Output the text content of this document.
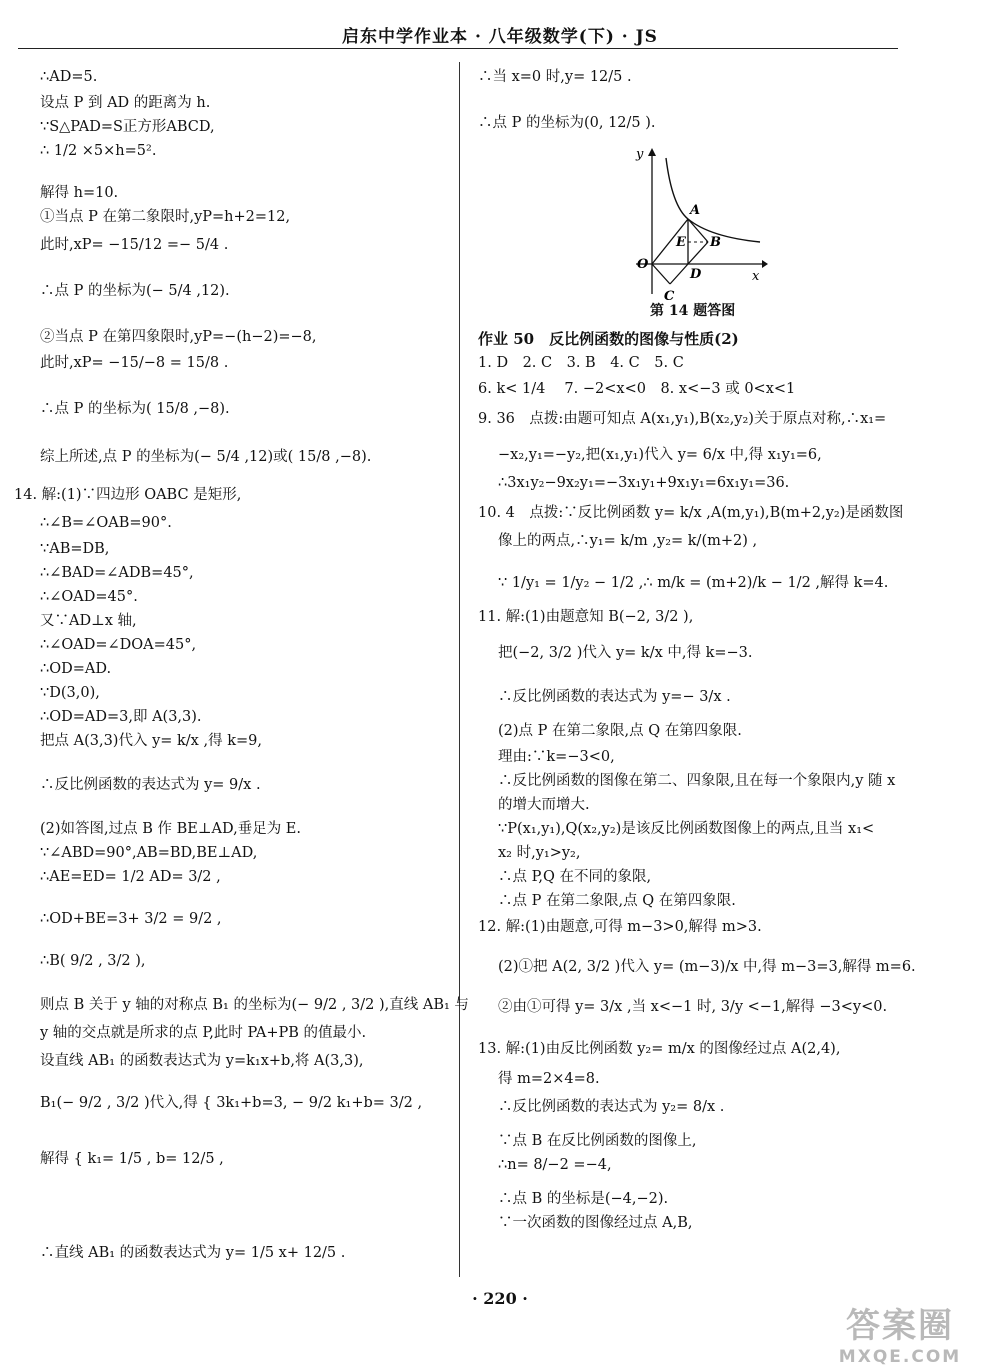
启东中学作业本 · 八年级数学(下) · JS
∴AD=5.
设点 P 到 AD 的距离为 h.
∵S△PAD=S正方形ABCD,
∴ 1/2 ×5×h=5².
解得 h=10.
①当点 P 在第二象限时,yP=h+2=12,
此时,xP= −15/12 =− 5/4 .
∴点 P 的坐标为(− 5/4 ,12).
②当点 P 在第四象限时,yP=−(h−2)=−8,
此时,xP= −15/−8 = 15/8 .
∴点 P 的坐标为( 15/8 ,−8).
综上所述,点 P 的坐标为(− 5/4 ,12)或( 15/8 ,−8).
14. 解:(1)∵四边形 OABC 是矩形,
∴∠B=∠OAB=90°.
∵AB=DB,
∴∠BAD=∠ADB=45°,
∴∠OAD=45°.
又∵AD⊥x 轴,
∴∠OAD=∠DOA=45°,
∴OD=AD.
∵D(3,0),
∴OD=AD=3,即 A(3,3).
把点 A(3,3)代入 y= k/x ,得 k=9,
∴反比例函数的表达式为 y= 9/x .
(2)如答图,过点 B 作 BE⊥AD,垂足为 E.
∵∠ABD=90°,AB=BD,BE⊥AD,
∴AE=ED= 1/2 AD= 3/2 ,
∴OD+BE=3+ 3/2 = 9/2 ,
∴B( 9/2 , 3/2 ),
则点 B 关于 y 轴的对称点 B₁ 的坐标为(− 9/2 , 3/2 ),直线 AB₁ 与
y 轴的交点就是所求的点 P,此时 PA+PB 的值最小.
设直线 AB₁ 的函数表达式为 y=k₁x+b,将 A(3,3),
B₁(− 9/2 , 3/2 )代入,得 { 3k₁+b=3, − 9/2 k₁+b= 3/2 ,
解得 { k₁= 1/5 , b= 12/5 ,
∴直线 AB₁ 的函数表达式为 y= 1/5 x+ 12/5 .
∴当 x=0 时,y= 12/5 .
∴点 P 的坐标为(0, 12/5 ).
y
x
O
A
B
C
D
E
第 14 题答图
作业 50　反比例函数的图像与性质(2)
1. D　2. C　3. B　4. C　5. C
6. k< 1/4 　7. −2<x<0　8. x<−3 或 0<x<1
9. 36　点拨:由题可知点 A(x₁,y₁),B(x₂,y₂)关于原点对称,∴x₁=
−x₂,y₁=−y₂,把(x₁,y₁)代入 y= 6/x 中,得 x₁y₁=6,
∴3x₁y₂−9x₂y₁=−3x₁y₁+9x₁y₁=6x₁y₁=36.
10. 4　点拨:∵反比例函数 y= k/x ,A(m,y₁),B(m+2,y₂)是函数图
像上的两点,∴y₁= k/m ,y₂= k/(m+2) ,
∵ 1/y₁ = 1/y₂ − 1/2 ,∴ m/k = (m+2)/k − 1/2 ,解得 k=4.
11. 解:(1)由题意知 B(−2, 3/2 ),
把(−2, 3/2 )代入 y= k/x 中,得 k=−3.
∴反比例函数的表达式为 y=− 3/x .
(2)点 P 在第二象限,点 Q 在第四象限.
理由:∵k=−3<0,
∴反比例函数的图像在第二、四象限,且在每一个象限内,y 随 x
的增大而增大.
∵P(x₁,y₁),Q(x₂,y₂)是该反比例函数图像上的两点,且当 x₁<
x₂ 时,y₁>y₂,
∴点 P,Q 在不同的象限,
∴点 P 在第二象限,点 Q 在第四象限.
12. 解:(1)由题意,可得 m−3>0,解得 m>3.
(2)①把 A(2, 3/2 )代入 y= (m−3)/x 中,得 m−3=3,解得 m=6.
②由①可得 y= 3/x ,当 x<−1 时, 3/y <−1,解得 −3<y<0.
13. 解:(1)由反比例函数 y₂= m/x 的图像经过点 A(2,4),
得 m=2×4=8.
∴反比例函数的表达式为 y₂= 8/x .
∵点 B 在反比例函数的图像上,
∴n= 8/−2 =−4,
∴点 B 的坐标是(−4,−2).
∵一次函数的图像经过点 A,B,
· 220 ·
答案圈
MXQE.COM
